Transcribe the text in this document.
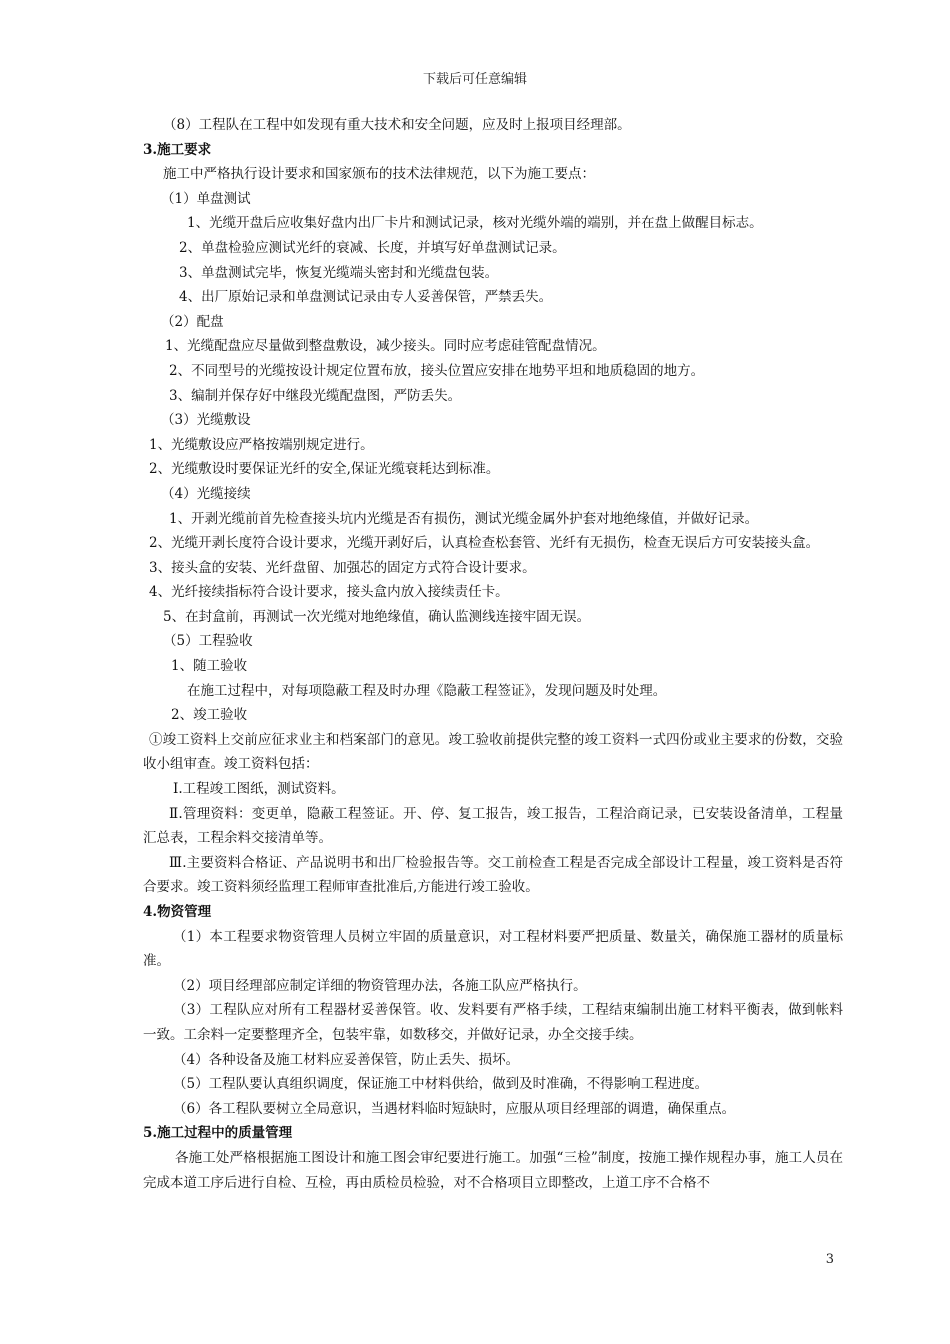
下载后可任意编辑
（8）工程队在工程中如发现有重大技术和安全问题，应及时上报项目经理部。
3.施工要求
施工中严格执行设计要求和国家颁布的技术法律规范，以下为施工要点：
（1）单盘测试
1、光缆开盘后应收集好盘内出厂卡片和测试记录，核对光缆外端的端别，并在盘上做醒目标志。
2、单盘检验应测试光纤的衰减、长度，并填写好单盘测试记录。
3、单盘测试完毕，恢复光缆端头密封和光缆盘包装。
4、出厂原始记录和单盘测试记录由专人妥善保管，严禁丢失。
（2）配盘
1、光缆配盘应尽量做到整盘敷设，减少接头。同时应考虑硅管配盘情况。
2、不同型号的光缆按设计规定位置布放，接头位置应安排在地势平坦和地质稳固的地方。
3、编制并保存好中继段光缆配盘图，严防丢失。
（3）光缆敷设
1、光缆敷设应严格按端别规定进行。
2、光缆敷设时要保证光纤的安全,保证光缆衰耗达到标准。
（4）光缆接续
1、开剥光缆前首先检查接头坑内光缆是否有损伤，测试光缆金属外护套对地绝缘值，并做好记录。
2、光缆开剥长度符合设计要求，光缆开剥好后，认真检查松套管、光纤有无损伤，检查无误后方可安装接头盒。
3、接头盒的安装、光纤盘留、加强芯的固定方式符合设计要求。
4、光纤接续指标符合设计要求，接头盒内放入接续责任卡。
5、在封盒前，再测试一次光缆对地绝缘值，确认监测线连接牢固无误。
（5）工程验收
1、随工验收
在施工过程中，对每项隐蔽工程及时办理《隐蔽工程签证》，发现问题及时处理。
2、竣工验收
①竣工资料上交前应征求业主和档案部门的意见。竣工验收前提供完整的竣工资料一式四份或业主要求的份数，交验收小组审查。竣工资料包括：
Ⅰ.工程竣工图纸，测试资料。
Ⅱ.管理资料：变更单，隐蔽工程签证。开、停、复工报告，竣工报告，工程洽商记录，已安装设备清单，工程量汇总表，工程余料交接清单等。
Ⅲ.主要资料合格证、产品说明书和出厂检验报告等。交工前检查工程是否完成全部设计工程量，竣工资料是否符合要求。竣工资料须经监理工程师审查批准后,方能进行竣工验收。
4.物资管理
（1）本工程要求物资管理人员树立牢固的质量意识，对工程材料要严把质量、数量关，确保施工器材的质量标准。
（2）项目经理部应制定详细的物资管理办法，各施工队应严格执行。
（3）工程队应对所有工程器材妥善保管。收、发料要有严格手续，工程结束编制出施工材料平衡表，做到帐料一致。工余料一定要整理齐全，包装牢靠，如数移交，并做好记录，办全交接手续。
（4）各种设备及施工材料应妥善保管，防止丢失、损坏。
（5）工程队要认真组织调度，保证施工中材料供给，做到及时准确，不得影响工程进度。
（6）各工程队要树立全局意识，当遇材料临时短缺时，应服从项目经理部的调遣，确保重点。
5.施工过程中的质量管理
各施工处严格根据施工图设计和施工图会审纪要进行施工。加强“三检”制度，按施工操作规程办事，施工人员在完成本道工序后进行自检、互检，再由质检员检验，对不合格项目立即整改，上道工序不合格不
3
